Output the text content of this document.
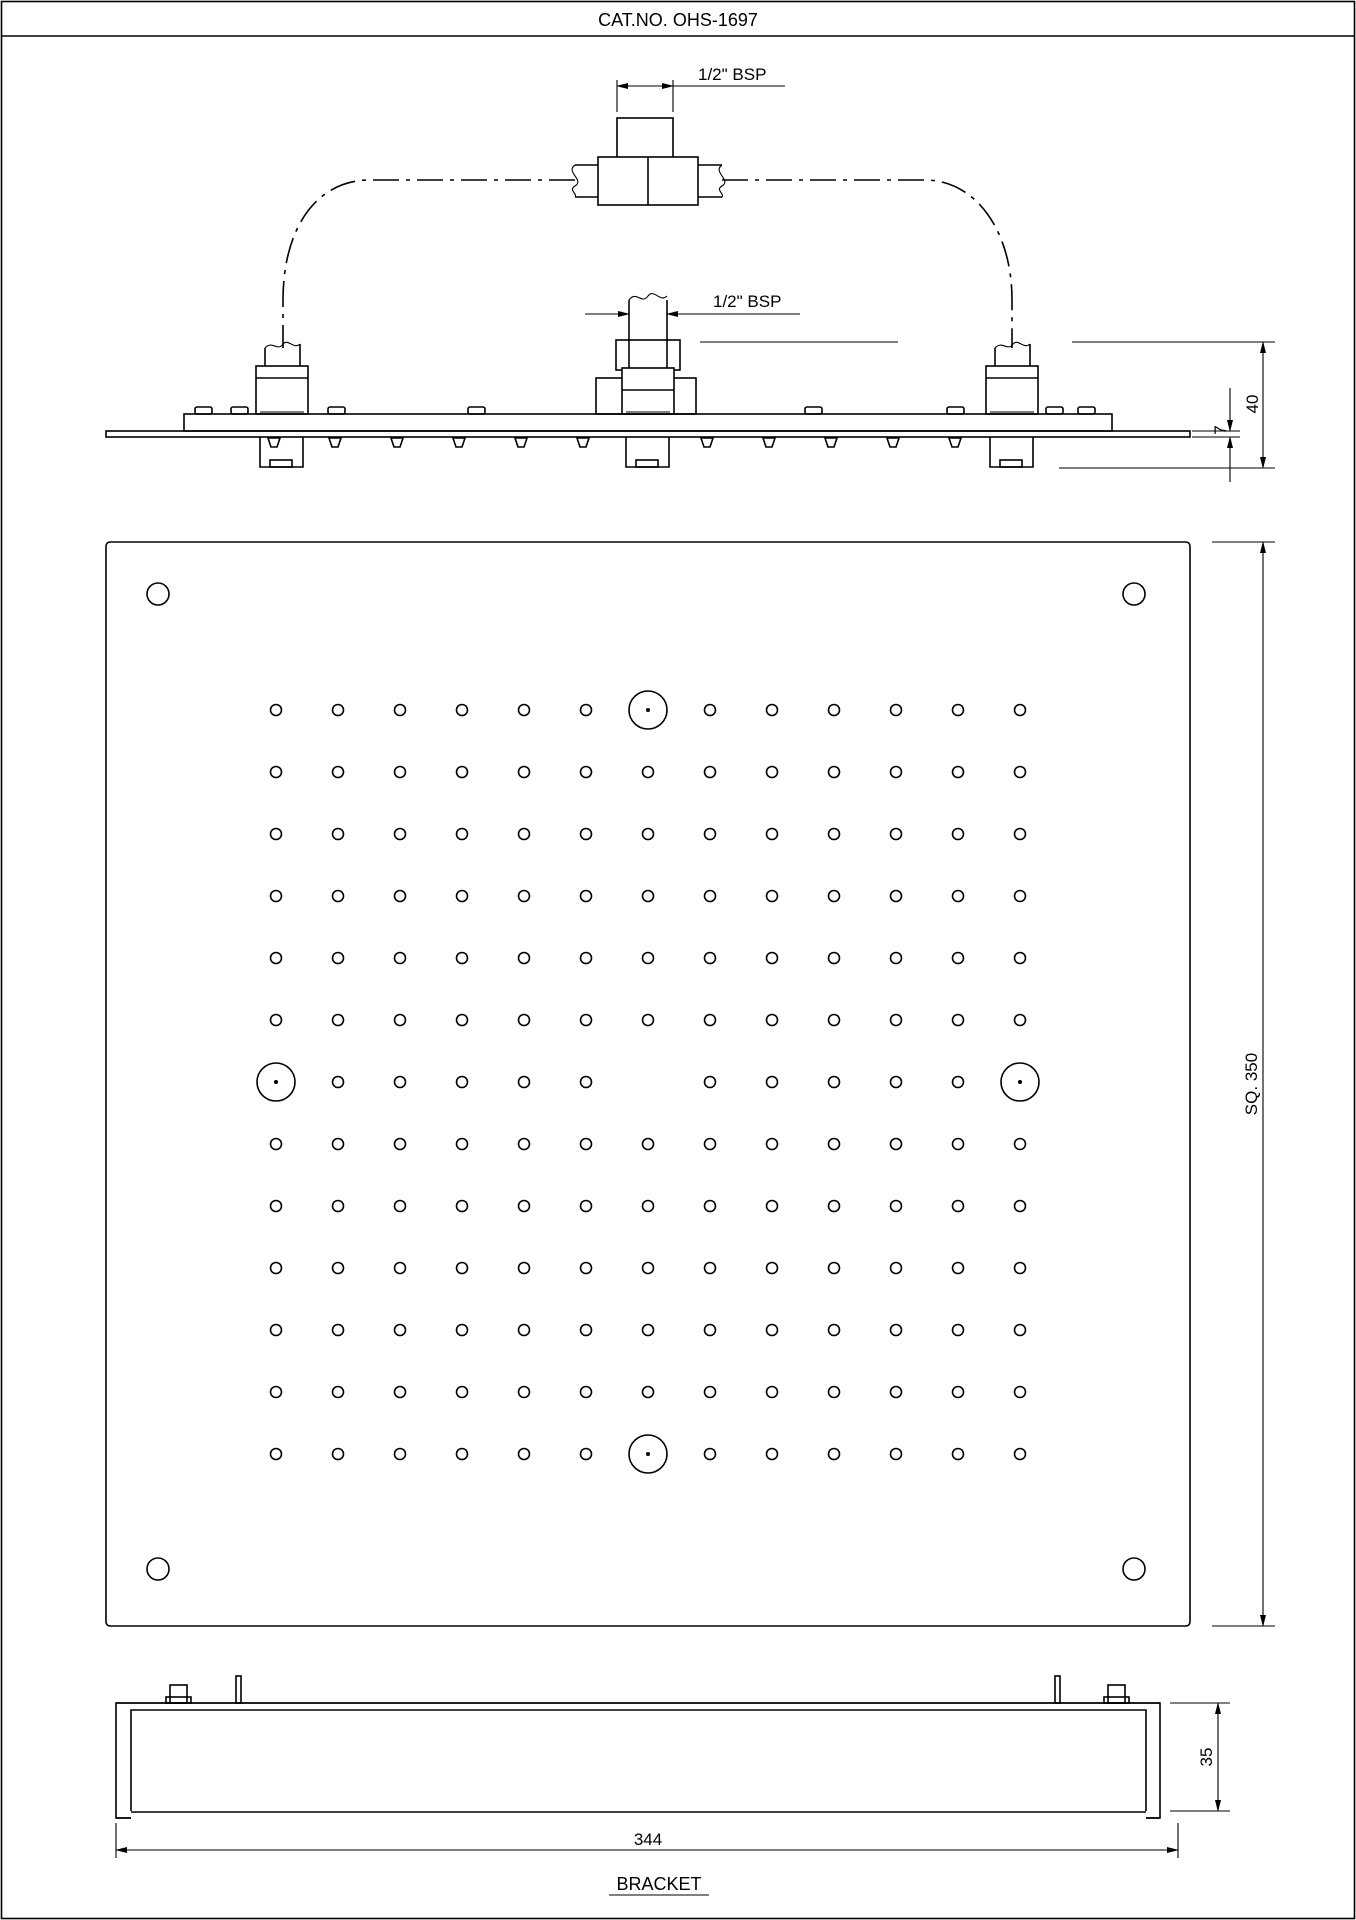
CAT.NO. OHS-1697
1/2" BSP
1/2" BSP
40
7
SQ. 350
35
344
BRACKET
